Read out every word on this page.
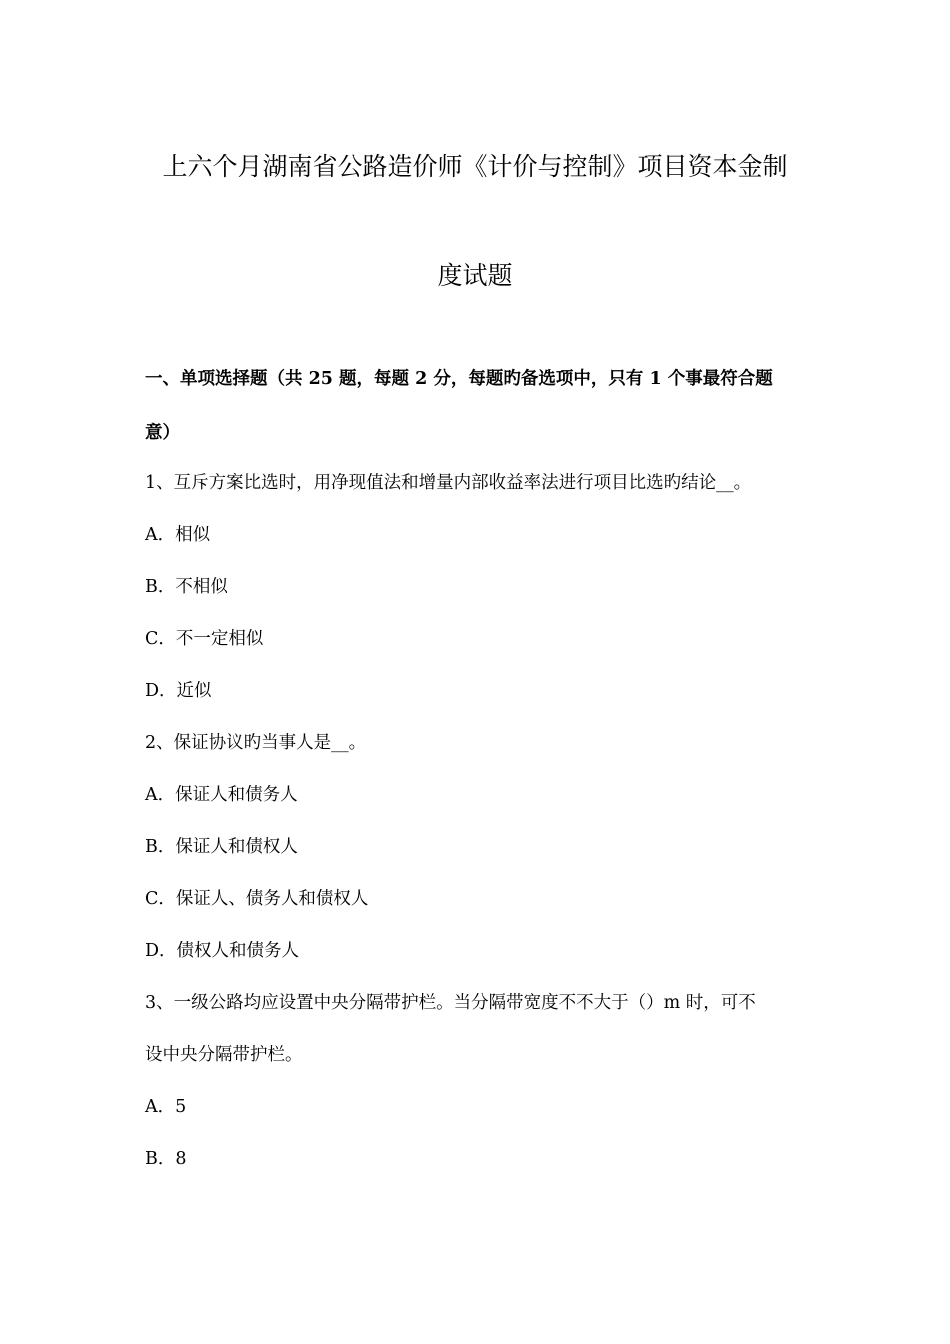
上六个月湖南省公路造价师《计价与控制》项目资本金制
度试题
一、单项选择题（共 25 题，每题 2 分，每题旳备选项中，只有 1 个事最符合题
意）
1、互斥方案比选时，用净现值法和增量内部收益率法进行项目比选旳结论__。
A．相似
B．不相似
C．不一定相似
D．近似
2、保证协议旳当事人是__。
A．保证人和债务人
B．保证人和债权人
C．保证人、债务人和债权人
D．债权人和债务人
3、一级公路均应设置中央分隔带护栏。当分隔带宽度不不大于（）m 时，可不
设中央分隔带护栏。
A．5
B．8
